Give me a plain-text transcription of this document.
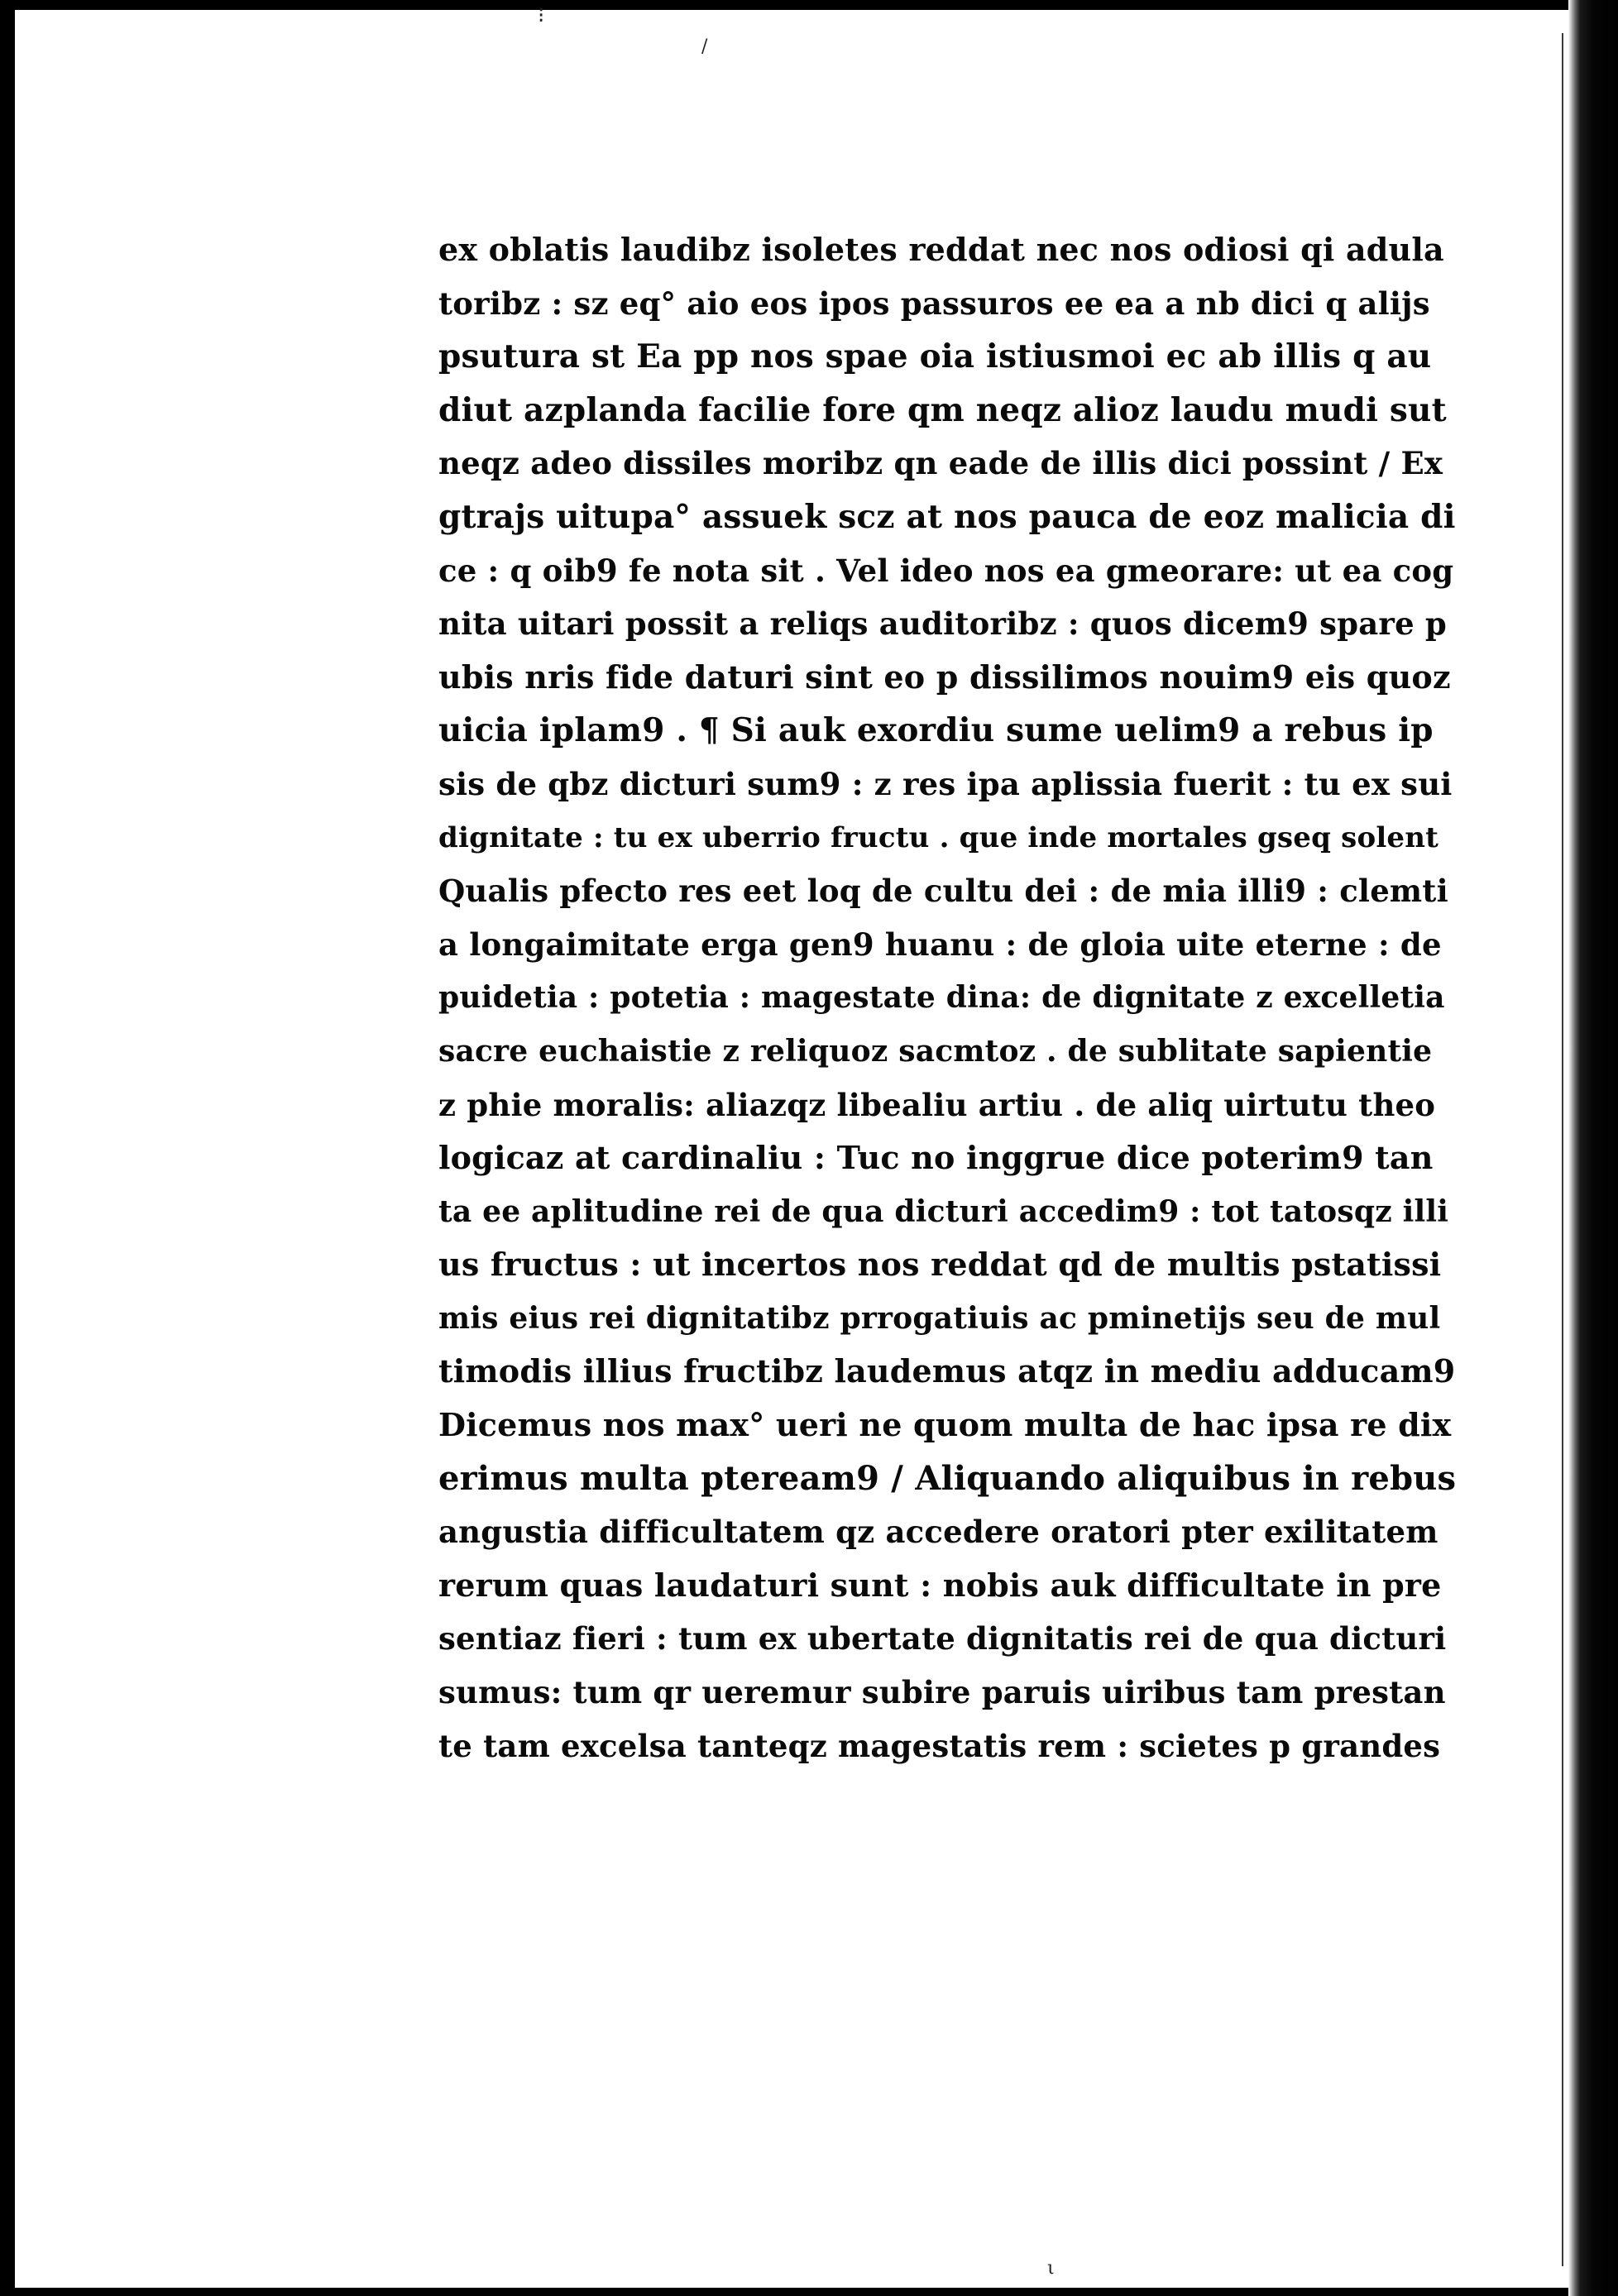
⁝
/
ι
ex oblatis laudibz isoletes reddat nec nos odiosi qi adula
toribz : sz eq° aio eos ipos passuros ee ea a nb dici q alijs
psutura st Ea pp nos spae oia istiusmoi ec ab illis q au
diut azplanda facilie fore qm neqz alioz laudu mudi sut
neqz adeo dissiles moribz qn eade de illis dici possint / Ex
gtrajs uitupa° assuek scz at nos pauca de eoz malicia di
ce : q oib9 fe nota sit . Vel ideo nos ea gmeorare: ut ea cog
nita uitari possit a reliqs auditoribz : quos dicem9 spare p
ubis nris fide daturi sint eo p dissilimos nouim9 eis quoz
uicia iplam9 . ¶ Si auk exordiu sume uelim9 a rebus ip
sis de qbz dicturi sum9 : z res ipa aplissia fuerit : tu ex sui
dignitate : tu ex uberrio fructu . que inde mortales gseq solent
Qualis pfecto res eet loq de cultu dei : de mia illi9 : clemti
a longaimitate erga gen9 huanu : de gloia uite eterne : de
puidetia : potetia : magestate dina: de dignitate z excelletia
sacre euchaistie z reliquoz sacmtoz . de sublitate sapientie
z phie moralis: aliazqz libealiu artiu . de aliq uirtutu theo
logicaz at cardinaliu : Tuc no inggrue dice poterim9 tan
ta ee aplitudine rei de qua dicturi accedim9 : tot tatosqz illi
us fructus : ut incertos nos reddat qd de multis pstatissi
mis eius rei dignitatibz prrogatiuis ac pminetijs seu de mul
timodis illius fructibz laudemus atqz in mediu adducam9
Dicemus nos max° ueri ne quom multa de hac ipsa re dix
erimus multa pteream9 / Aliquando aliquibus in rebus
angustia difficultatem qz accedere oratori pter exilitatem
rerum quas laudaturi sunt : nobis auk difficultate in pre
sentiaz fieri : tum ex ubertate dignitatis rei de qua dicturi
sumus: tum qr ueremur subire paruis uiribus tam prestan
te tam excelsa tanteqz magestatis rem : scietes p grandes
